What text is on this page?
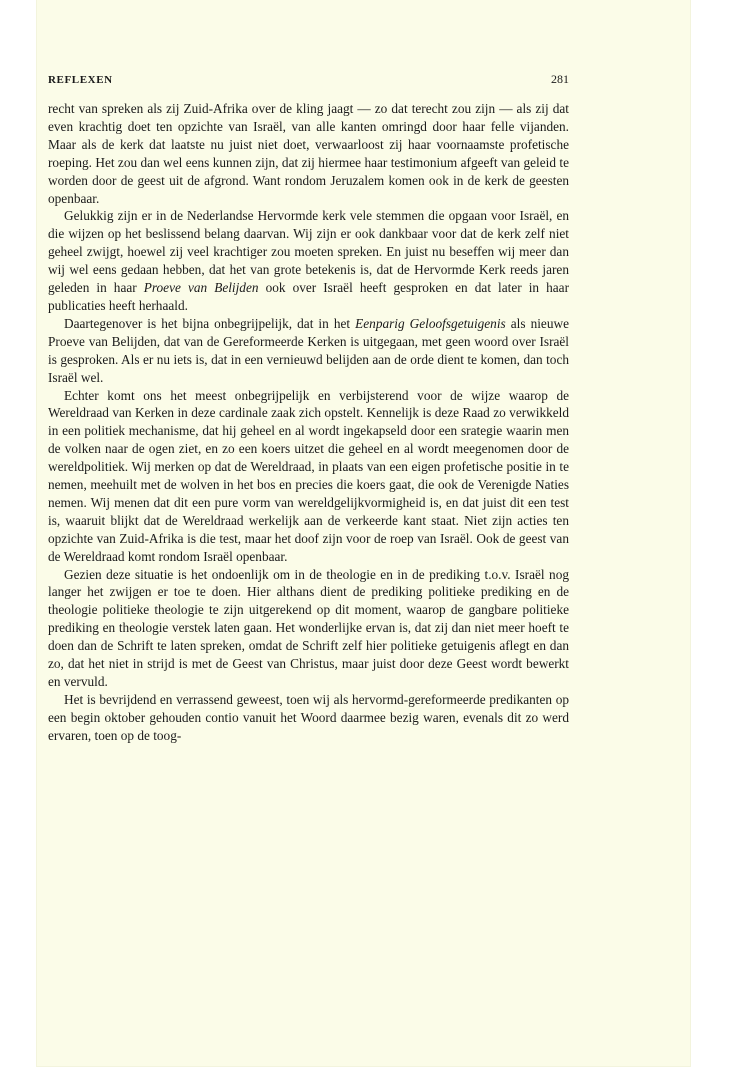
REFLEXEN	281

recht van spreken als zij Zuid-Afrika over de kling jaagt — zo dat terecht zou zijn — als zij dat even krachtig doet ten opzichte van Israël, van alle kanten omringd door haar felle vijanden. Maar als de kerk dat laatste nu juist niet doet, verwaarloost zij haar voornaamste profetische roeping. Het zou dan wel eens kunnen zijn, dat zij hiermee haar testimonium afgeeft van geleid te worden door de geest uit de afgrond. Want rondom Jeruzalem komen ook in de kerk de geesten openbaar.

Gelukkig zijn er in de Nederlandse Hervormde kerk vele stemmen die opgaan voor Israël, en die wijzen op het beslissend belang daarvan. Wij zijn er ook dankbaar voor dat de kerk zelf niet geheel zwijgt, hoewel zij veel krachtiger zou moeten spreken. En juist nu beseffen wij meer dan wij wel eens gedaan hebben, dat het van grote betekenis is, dat de Hervormde Kerk reeds jaren geleden in haar Proeve van Belijden ook over Israël heeft gesproken en dat later in haar publicaties heeft herhaald.

Daartegenover is het bijna onbegrijpelijk, dat in het Eenparig Geloofsgetuigenis als nieuwe Proeve van Belijden, dat van de Gereformeerde Kerken is uitgegaan, met geen woord over Israël is gesproken. Als er nu iets is, dat in een vernieuwd belijden aan de orde dient te komen, dan toch Israël wel.

Echter komt ons het meest onbegrijpelijk en verbijsterend voor de wijze waarop de Wereldraad van Kerken in deze cardinale zaak zich opstelt. Kennelijk is deze Raad zo verwikkeld in een politiek mechanisme, dat hij geheel en al wordt ingekapseld door een srategie waarin men de volken naar de ogen ziet, en zo een koers uitzet die geheel en al wordt meegenomen door de wereldpolitiek. Wij merken op dat de Wereldraad, in plaats van een eigen profetische positie in te nemen, meehuilt met de wolven in het bos en precies die koers gaat, die ook de Verenigde Naties nemen. Wij menen dat dit een pure vorm van wereldgelijkvormigheid is, en dat juist dit een test is, waaruit blijkt dat de Wereldraad werkelijk aan de verkeerde kant staat. Niet zijn acties ten opzichte van Zuid-Afrika is die test, maar het doof zijn voor de roep van Israël. Ook de geest van de Wereldraad komt rondom Israël openbaar.

Gezien deze situatie is het ondoenlijk om in de theologie en in de prediking t.o.v. Israël nog langer het zwijgen er toe te doen. Hier althans dient de prediking politieke prediking en de theologie politieke theologie te zijn uitgerekend op dit moment, waarop de gangbare politieke prediking en theologie verstek laten gaan. Het wonderlijke ervan is, dat zij dan niet meer hoeft te doen dan de Schrift te laten spreken, omdat de Schrift zelf hier politieke getuigenis aflegt en dan zo, dat het niet in strijd is met de Geest van Christus, maar juist door deze Geest wordt bewerkt en vervuld.

Het is bevrijdend en verrassend geweest, toen wij als hervormd-gereformeerde predikanten op een begin oktober gehouden contio vanuit het Woord daarmee bezig waren, evenals dit zo werd ervaren, toen op de toog-
